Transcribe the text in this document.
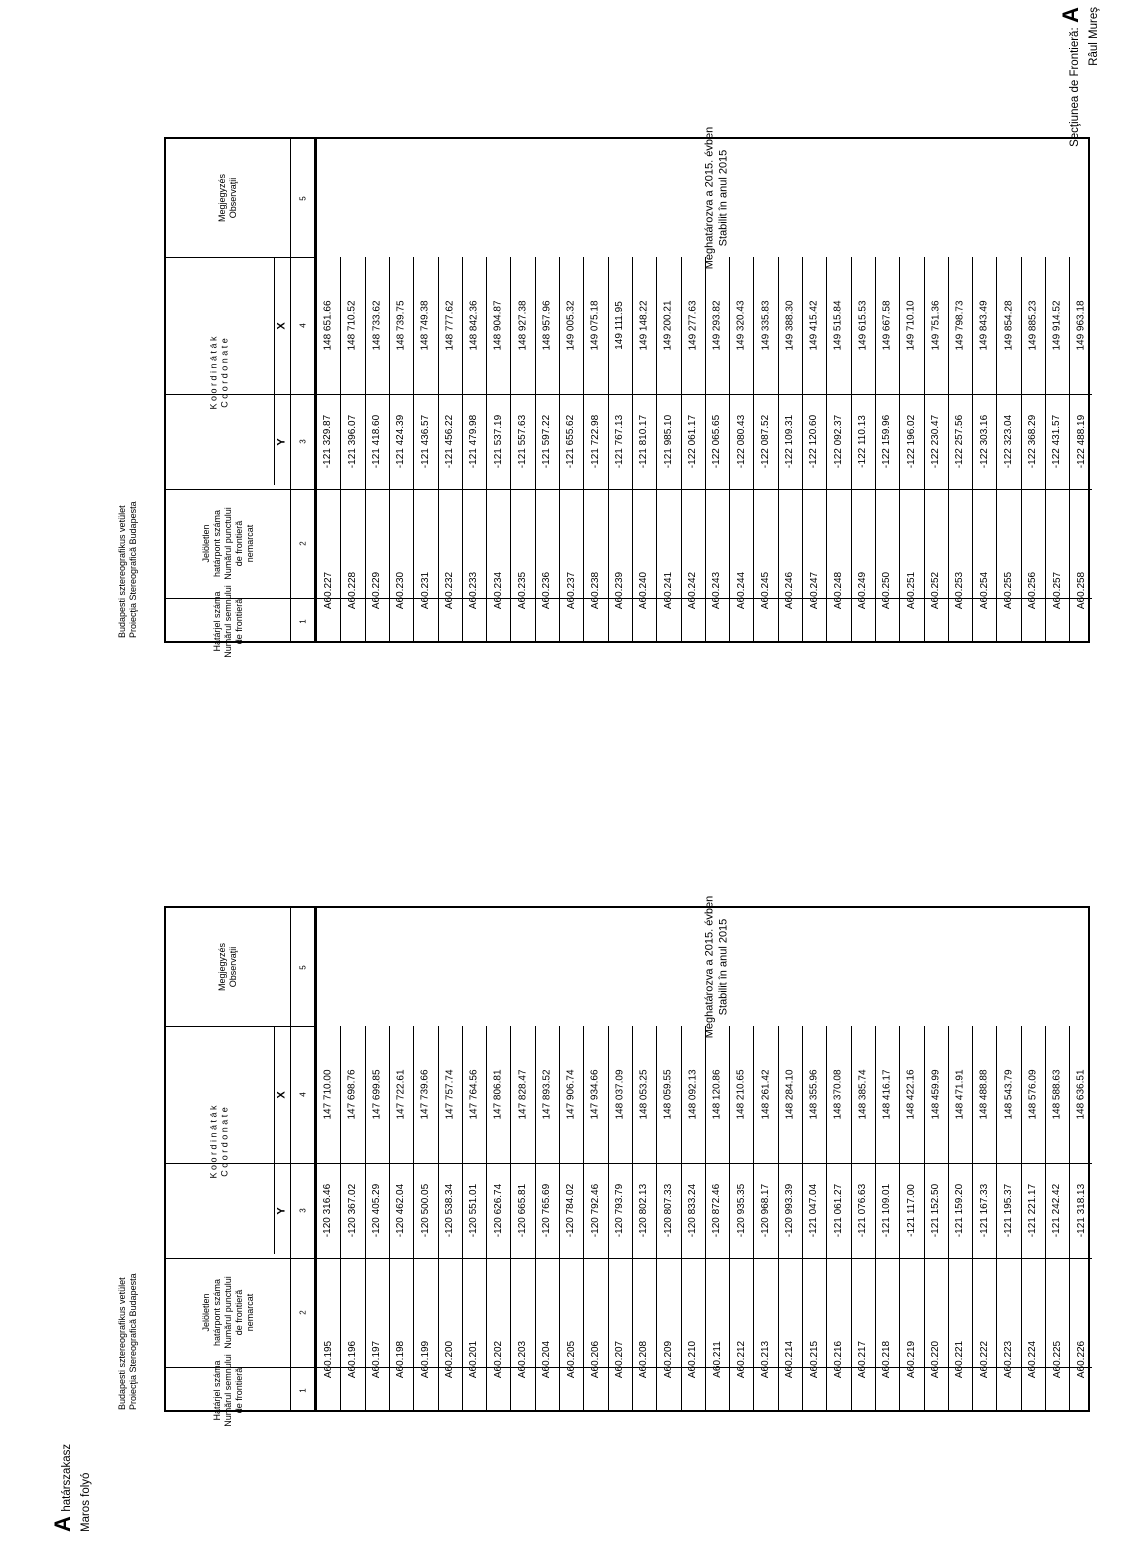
A határszakasz Maros folyó
Secţiunea de Frontieră: A Râul Mureş
Budapesti sztereografikus vetület
Proiecţia Stereografică Budapesta
Budapesti sztereografikus vetület
Proiecţia Stereografică Budapesta
Határjel száma Numărul semnului de frontieră
Jelöletlen határpont száma Numărul punctului de frontieră nemarcat
K o o r d i n á t á k C o o r d o n a t e
Megjegyzés Observaţii
Y
X
1
2
3
4
5
A60.195
-120 316.46
147 710.00
A60.196
-120 367.02
147 698.76
A60.197
-120 405.29
147 699.85
A60.198
-120 462.04
147 722.61
A60.199
-120 500.05
147 739.66
A60.200
-120 538.34
147 757.74
A60.201
-120 551.01
147 764.56
A60.202
-120 626.74
147 806.81
A60.203
-120 665.81
147 828.47
A60.204
-120 765.69
147 893.52
A60.205
-120 784.02
147 906.74
A60.206
-120 792.46
147 934.66
A60.207
-120 793.79
148 037.09
A60.208
-120 802.13
148 053.25
A60.209
-120 807.33
148 059.55
A60.210
-120 833.24
148 092.13
A60.211
-120 872.46
148 120.86
A60.212
-120 935.35
148 210.65
A60.213
-120 968.17
148 261.42
A60.214
-120 993.39
148 284.10
A60.215
-121 047.04
148 355.96
A60.216
-121 061.27
148 370.08
A60.217
-121 076.63
148 385.74
A60.218
-121 109.01
148 416.17
A60.219
-121 117.00
148 422.16
A60.220
-121 152.50
148 459.99
A60.221
-121 159.20
148 471.91
A60.222
-121 167.33
148 488.88
A60.223
-121 195.37
148 543.79
A60.224
-121 221.17
148 576.09
A60.225
-121 242.42
148 588.63
A60.226
-121 318.13
148 636.51
Meghatározva a 2015. évben Stabilit în anul 2015
Határjel száma Numărul semnului de frontieră
Jelöletlen határpont száma Numărul punctului de frontieră nemarcat
K o o r d i n á t á k C o o r d o n a t e
Megjegyzés Observaţii
Y
X
1
2
3
4
5
A60.227
-121 329.87
148 651.66
A60.228
-121 396.07
148 710.52
A60.229
-121 418.60
148 733.62
A60.230
-121 424.39
148 739.75
A60.231
-121 436.57
148 749.38
A60.232
-121 456.22
148 777.62
A60.233
-121 479.98
148 842.36
A60.234
-121 537.19
148 904.87
A60.235
-121 557.63
148 927.38
A60.236
-121 597.22
148 957.96
A60.237
-121 655.62
149 005.32
A60.238
-121 722.98
149 075.18
A60.239
-121 767.13
149 111.95
A60.240
-121 810.17
149 148.22
A60.241
-121 985.10
149 200.21
A60.242
-122 061.17
149 277.63
A60.243
-122 065.65
149 293.82
A60.244
-122 080.43
149 320.43
A60.245
-122 087.52
149 335.83
A60.246
-122 109.31
149 388.30
A60.247
-122 120.60
149 415.42
A60.248
-122 092.37
149 515.84
A60.249
-122 110.13
149 615.53
A60.250
-122 159.96
149 667.58
A60.251
-122 196.02
149 710.10
A60.252
-122 230.47
149 751.36
A60.253
-122 257.56
149 798.73
A60.254
-122 303.16
149 843.49
A60.255
-122 323.04
149 854.28
A60.256
-122 368.29
149 885.23
A60.257
-122 431.57
149 914.52
A60.258
-122 488.19
149 963.18
Meghatározva a 2015. évben Stabilit în anul 2015
